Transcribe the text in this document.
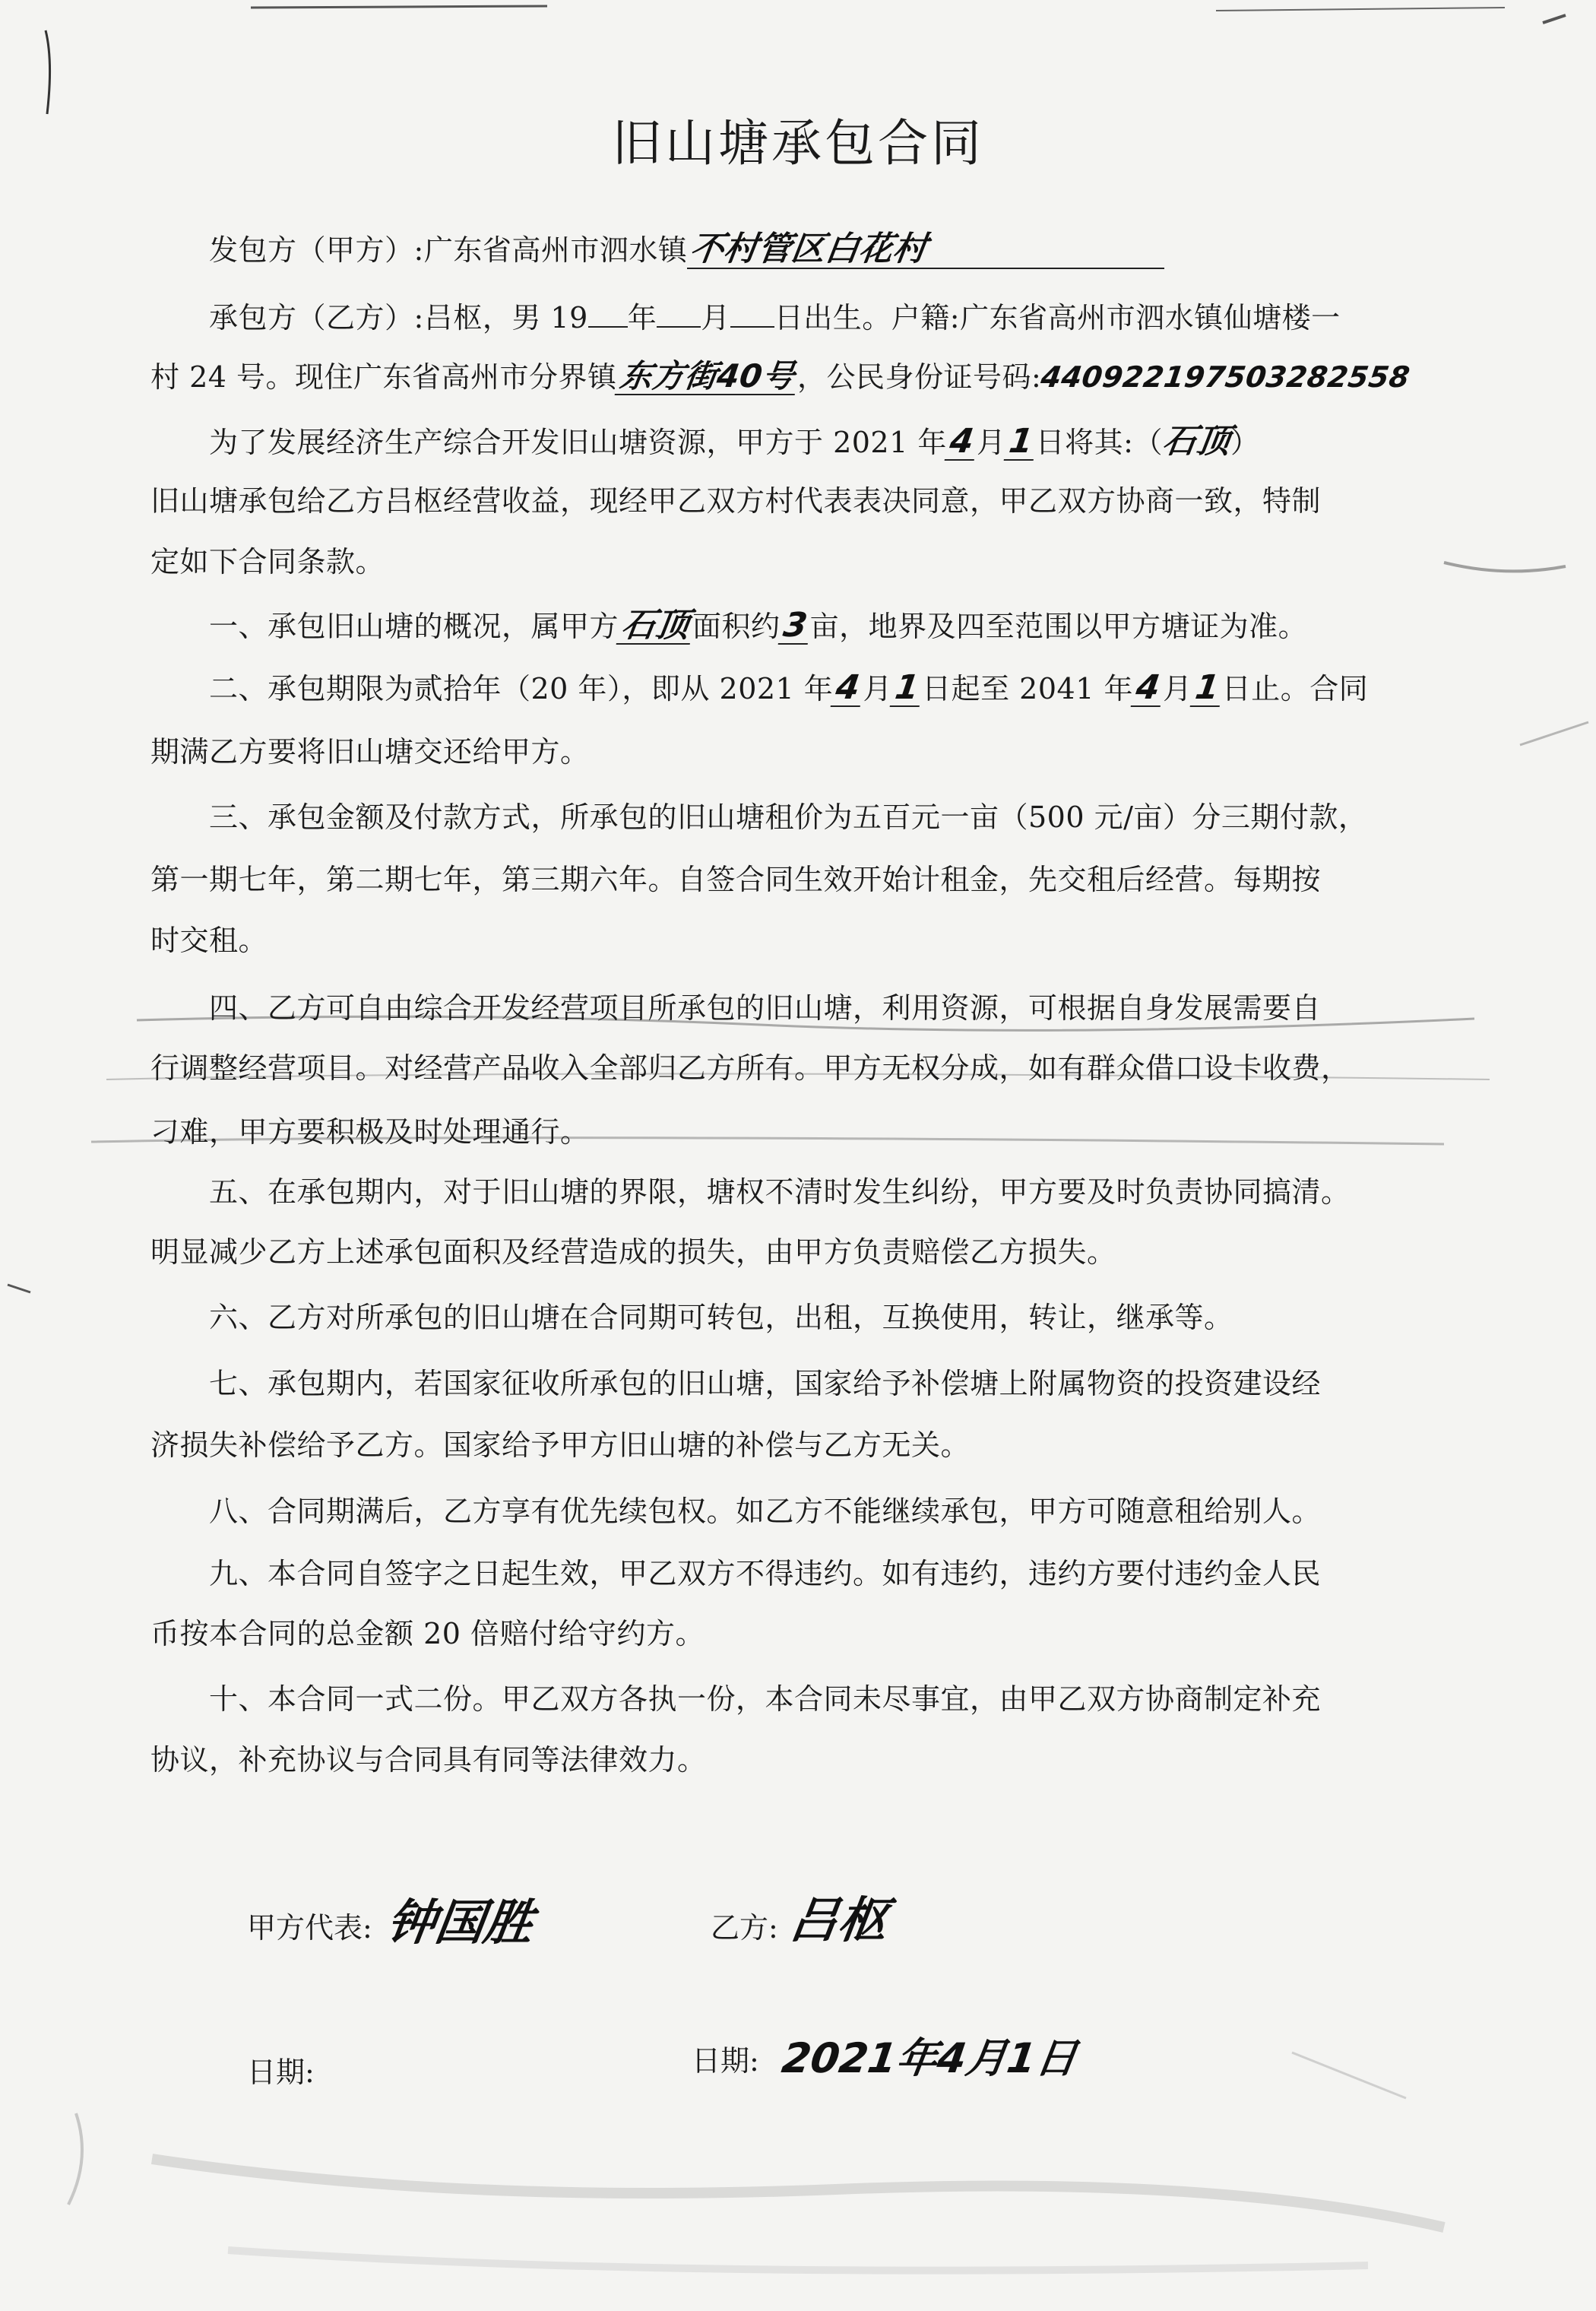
旧山塘承包合同
发包方（甲方）:广东省高州市泗水镇不村管区白花村
承包方（乙方）:吕枢，男 19 年 月 日出生。户籍:广东省高州市泗水镇仙塘楼一
村 24 号。现住广东省高州市分界镇东方街40号，公民身份证号码:440922197503282558
为了发展经济生产综合开发旧山塘资源，甲方于 2021 年4月1日将其:（石顶）
旧山塘承包给乙方吕枢经营收益，现经甲乙双方村代表表决同意，甲乙双方协商一致，特制
定如下合同条款。
一、承包旧山塘的概况，属甲方石顶面积约3亩，地界及四至范围以甲方塘证为准。
二、承包期限为贰拾年（20 年），即从 2021 年4月1日起至 2041 年4月1日止。合同
期满乙方要将旧山塘交还给甲方。
三、承包金额及付款方式，所承包的旧山塘租价为五百元一亩（500 元/亩）分三期付款，
第一期七年，第二期七年，第三期六年。自签合同生效开始计租金，先交租后经营。每期按
时交租。
四、乙方可自由综合开发经营项目所承包的旧山塘，利用资源，可根据自身发展需要自
行调整经营项目。对经营产品收入全部归乙方所有。甲方无权分成，如有群众借口设卡收费，
刁难，甲方要积极及时处理通行。
五、在承包期内，对于旧山塘的界限，塘权不清时发生纠纷，甲方要及时负责协同搞清。
明显减少乙方上述承包面积及经营造成的损失，由甲方负责赔偿乙方损失。
六、乙方对所承包的旧山塘在合同期可转包，出租，互换使用，转让，继承等。
七、承包期内，若国家征收所承包的旧山塘，国家给予补偿塘上附属物资的投资建设经
济损失补偿给予乙方。国家给予甲方旧山塘的补偿与乙方无关。
八、合同期满后，乙方享有优先续包权。如乙方不能继续承包，甲方可随意租给别人。
九、本合同自签字之日起生效，甲乙双方不得违约。如有违约，违约方要付违约金人民
币按本合同的总金额 20 倍赔付给守约方。
十、本合同一式二份。甲乙双方各执一份，本合同未尽事宜，由甲乙双方协商制定补充
协议，补充协议与合同具有同等法律效力。
甲方代表: 钟国胜	乙方: 吕枢
日期:	日期: 2021年4月1日
